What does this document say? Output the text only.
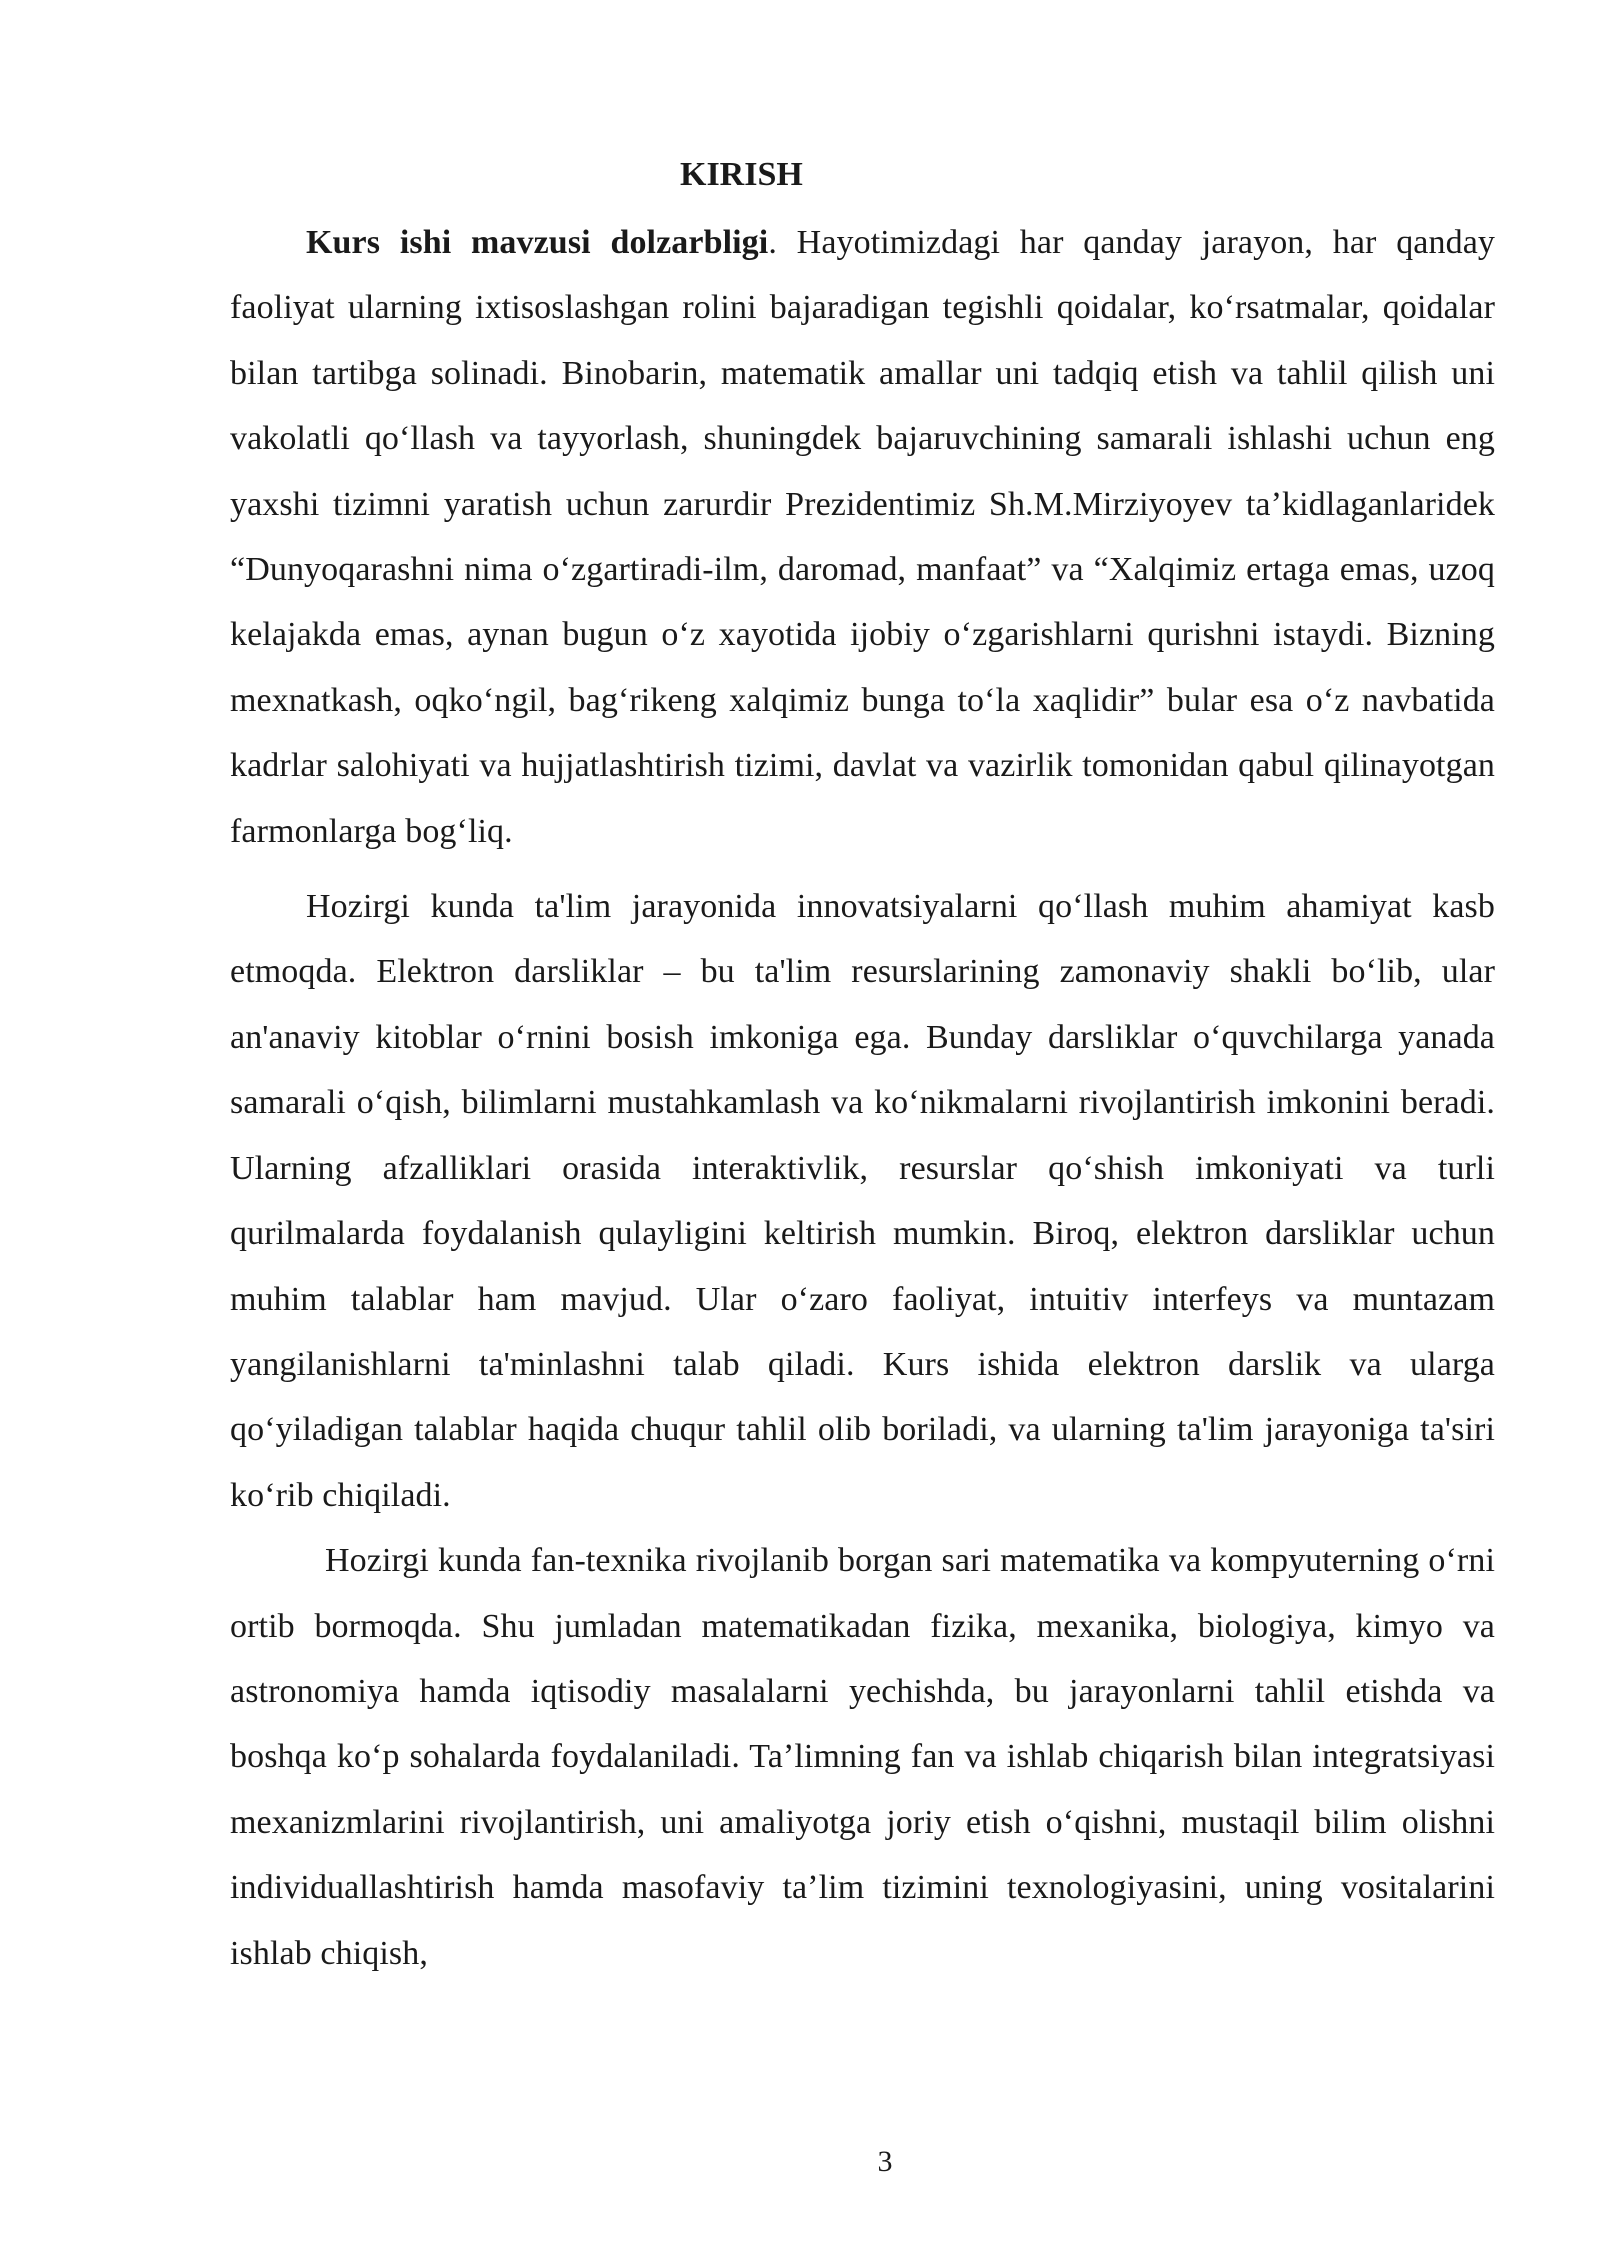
KIRISH

Kurs ishi mavzusi dolzarbligi. Hayotimizdagi har qanday jarayon, har qanday faoliyat ularning ixtisoslashgan rolini bajaradigan tegishli qoidalar, koʻrsatmalar, qoidalar bilan tartibga solinadi. Binobarin, matematik amallar uni tadqiq etish va tahlil qilish uni vakolatli qoʻllash va tayyorlash, shuningdek bajaruvchining samarali ishlashi uchun eng yaxshi tizimni yaratish uchun zarurdir Prezidentimiz Sh.M.Mirziyoyev taʼkidlaganlaridek “Dunyoqarashni nima oʻzgartiradi-ilm, daromad, manfaat” va “Xalqimiz ertaga emas, uzoq kelajakda emas, aynan bugun oʻz xayotida ijobiy oʻzgarishlarni qurishni istaydi. Bizning mexnatkash, oqkoʻngil, bagʻrikeng xalqimiz bunga toʻla xaqlidir” bular esa oʻz navbatida kadrlar salohiyati va hujjatlashtirish tizimi, davlat va vazirlik tomonidan qabul qilinayotgan farmonlarga bogʻliq.

Hozirgi kunda ta'lim jarayonida innovatsiyalarni qoʻllash muhim ahamiyat kasb etmoqda. Elektron darsliklar – bu ta'lim resurslarining zamonaviy shakli boʻlib, ular an'anaviy kitoblar oʻrnini bosish imkoniga ega. Bunday darsliklar oʻquvchilarga yanada samarali oʻqish, bilimlarni mustahkamlash va koʻnikmalarni rivojlantirish imkonini beradi. Ularning afzalliklari orasida interaktivlik, resurslar qoʻshish imkoniyati va turli qurilmalarda foydalanish qulayligini keltirish mumkin. Biroq, elektron darsliklar uchun muhim talablar ham mavjud. Ular oʻzaro faoliyat, intuitiv interfeys va muntazam yangilanishlarni ta'minlashni talab qiladi. Kurs ishida elektron darslik va ularga qoʻyiladigan talablar haqida chuqur tahlil olib boriladi, va ularning ta'lim jarayoniga ta'siri koʻrib chiqiladi.

Hozirgi kunda fan-texnika rivojlanib borgan sari matematika va kompyuterning oʻrni ortib bormoqda. Shu jumladan matematikadan fizika, mexanika, biologiya, kimyo va astronomiya hamda iqtisodiy masalalarni yechishda, bu jarayonlarni tahlil etishda va boshqa koʻp sohalarda foydalaniladi. Taʼlimning fan va ishlab chiqarish bilan integratsiyasi mexanizmlarini rivojlantirish, uni amaliyotga joriy etish oʻqishni, mustaqil bilim olishni individuallashtirish hamda masofaviy taʼlim tizimini texnologiyasini, uning vositalarini ishlab chiqish,

3
